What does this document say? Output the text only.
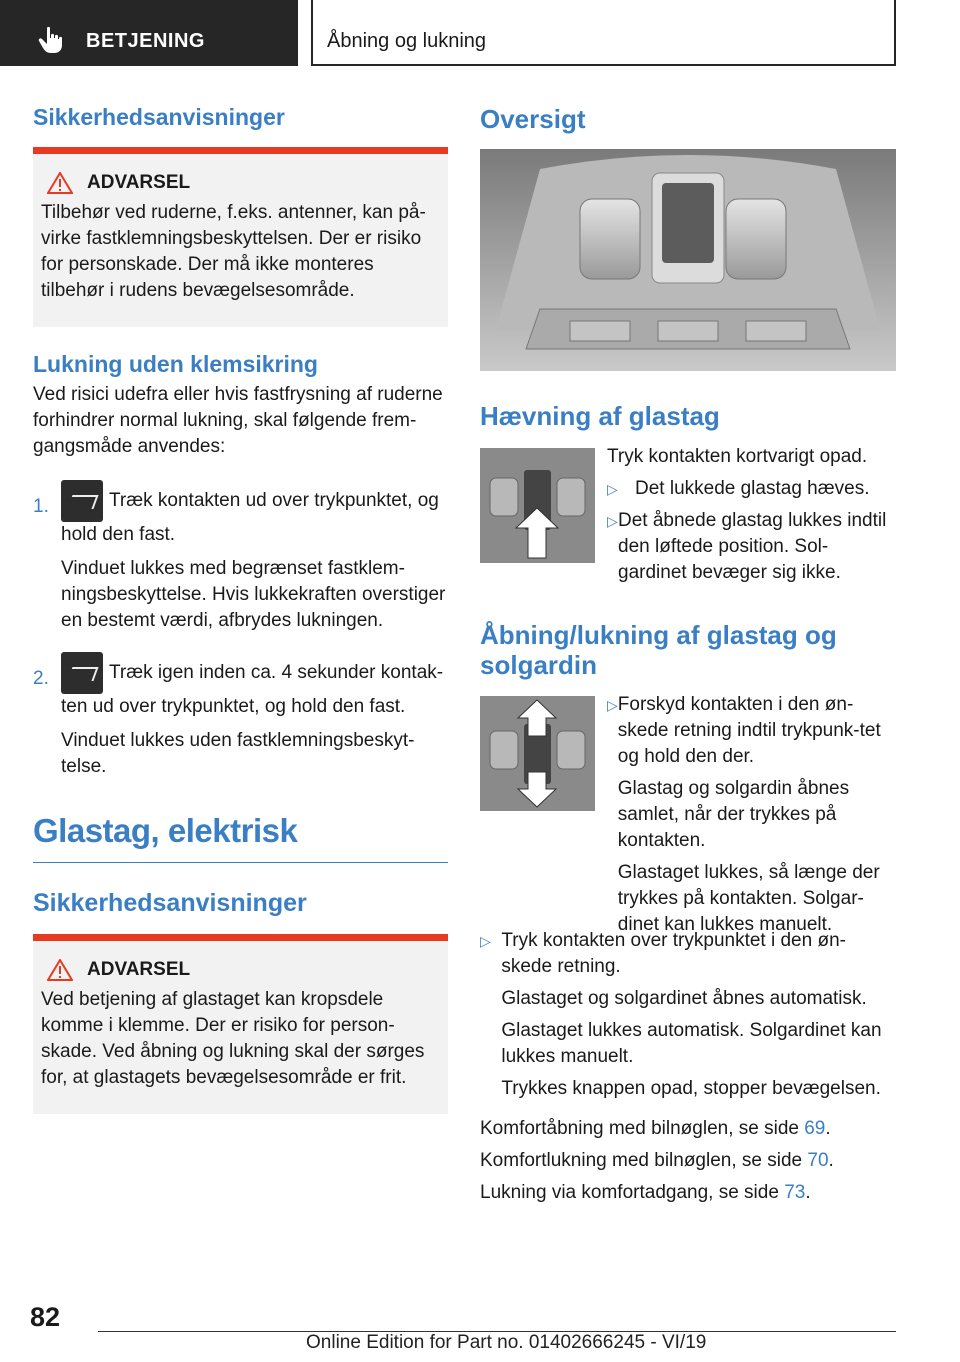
BETJENING	Åbning og lukning
Sikkerhedsanvisninger
ADVARSEL

Tilbehør ved ruderne, f.eks. antenner, kan på-virke fastklemningsbeskyttelsen. Der er risiko for personskade. Der må ikke monteres tilbehør i rudens bevægelsesområde.

Lukning uden klemsikring

Ved risici udefra eller hvis fastfrysning af ruderne forhindrer normal lukning, skal følgende frem-gangsmåde anvendes:

1.	Træk kontakten ud over trykpunktet, og hold den fast.

Vinduet lukkes med begrænset fastklem-ningsbeskyttelse. Hvis lukkekraften overstiger en bestemt værdi, afbrydes lukningen.

2.	Træk igen inden ca. 4 sekunder kontak-ten ud over trykpunktet, og hold den fast.

Vinduet lukkes uden fastklemningsbeskyt-telse.

Glastag, elektrisk
Sikkerhedsanvisninger
ADVARSEL

Ved betjening af glastaget kan kropsdele komme i klemme. Der er risiko for person-skade. Ved åbning og lukning skal der sørges for, at glastagets bevægelsesområde er frit.

Oversigt
Hævning af glastag

Tryk kontakten kortvarigt opad.

▷ Det lukkede glastag hæves.

▷ Det åbnede glastag lukkes indtil den løftede position. Sol-gardinet bevæger sig ikke.

Åbning/lukning af glastag og solgardin
▷ Forskyd kontakten i den øn-skede retning indtil trykpunk-tet og hold den der.

Glastag og solgardin åbnes samlet, når der trykkes på kontakten.

Glastaget lukkes, så længe der trykkes på kontakten. Solgar-dinet kan lukkes manuelt.

▷ Tryk kontakten over trykpunktet i den øn-skede retning.

Glastaget og solgardinet åbnes automatisk.

Glastaget lukkes automatisk. Solgardinet kan lukkes manuelt.

Trykkes knappen opad, stopper bevægelsen.

Komfortåbning med bilnøglen, se side 69.

Komfortlukning med bilnøglen, se side 70.

Lukning via komfortadgang, se side 73.

82
Online Edition for Part no. 01402666245 - VI/19
